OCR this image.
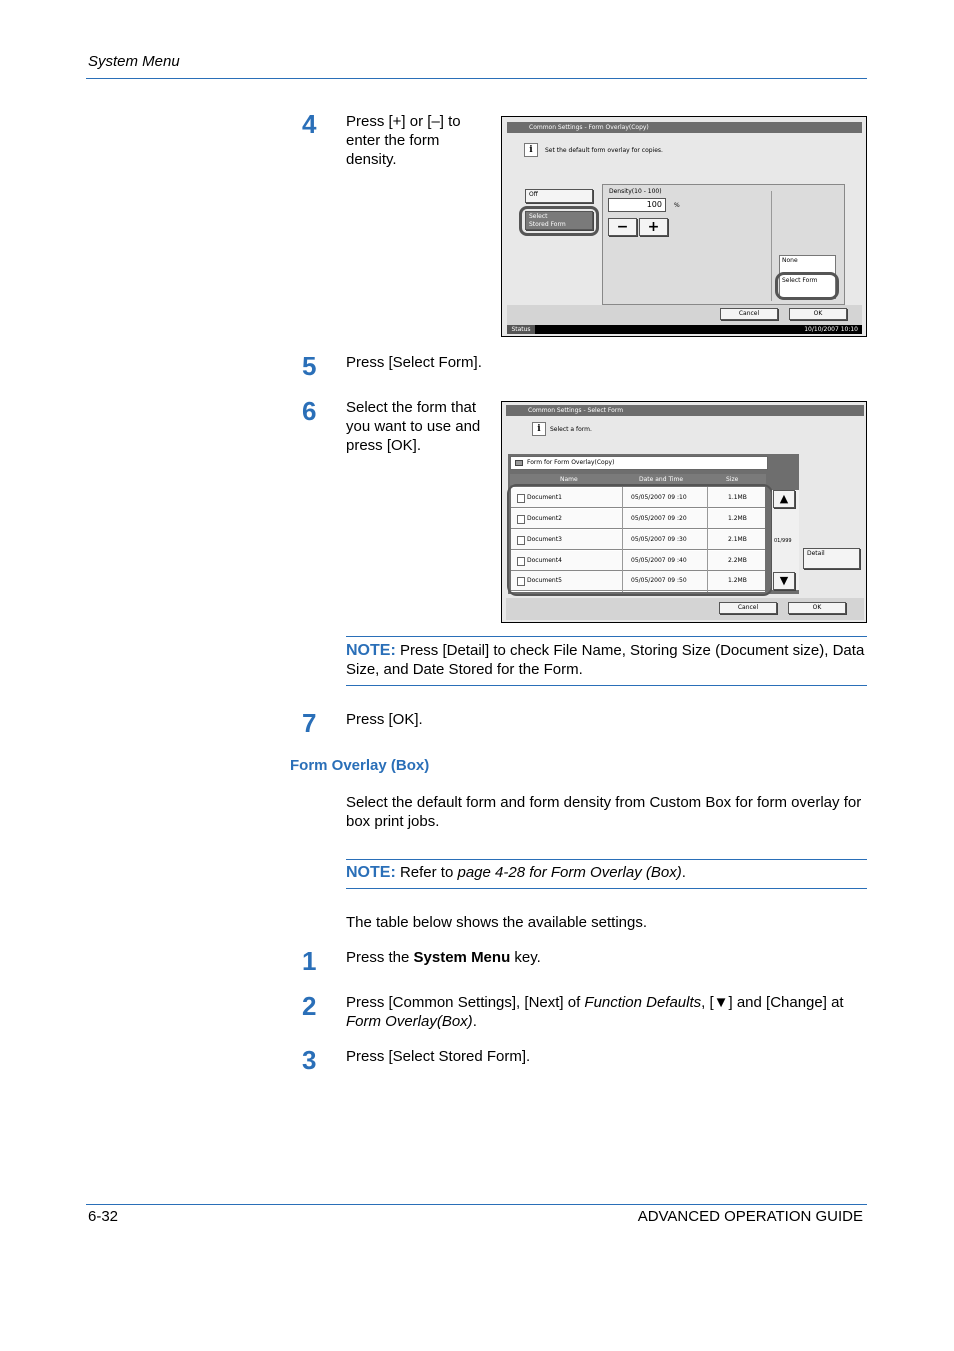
System Menu
4 Press [+] or [–] to enter the form density.
Common Settings - Form Overlay(Copy)
i	Set the default form overlay for copies.
Off
Select
Stored Form
Density(10 - 100)
100	%
−	+
None
Select Form
Cancel	OK
Status	10/10/2007 10:10
5 Press [Select Form].
6 Select the form that you want to use and press [OK].
Common Settings - Select Form
i	Select a form.
Form for Form Overlay(Copy)
Name	Date and Time	Size
Document1	05/05/2007 09 :10	1.1MB
Document2	05/05/2007 09 :20	1.2MB
Document3	05/05/2007 09 :30	2.1MB
Document4	05/05/2007 09 :40	2.2MB
Document5	05/05/2007 09 :50	1.2MB
▲
01/999
▼
Detail
Cancel	OK
NOTE: Press [Detail] to check File Name, Storing Size (Document size), Data Size, and Date Stored for the Form.
7 Press [OK].
Form Overlay (Box)
Select the default form and form density from Custom Box for form overlay for box print jobs.
NOTE: Refer to page 4-28 for Form Overlay (Box).
The table below shows the available settings.
1 Press the System Menu key.
2 Press [Common Settings], [Next] of Function Defaults, [▼] and [Change] at Form Overlay(Box).
3 Press [Select Stored Form].
6-32	ADVANCED OPERATION GUIDE
